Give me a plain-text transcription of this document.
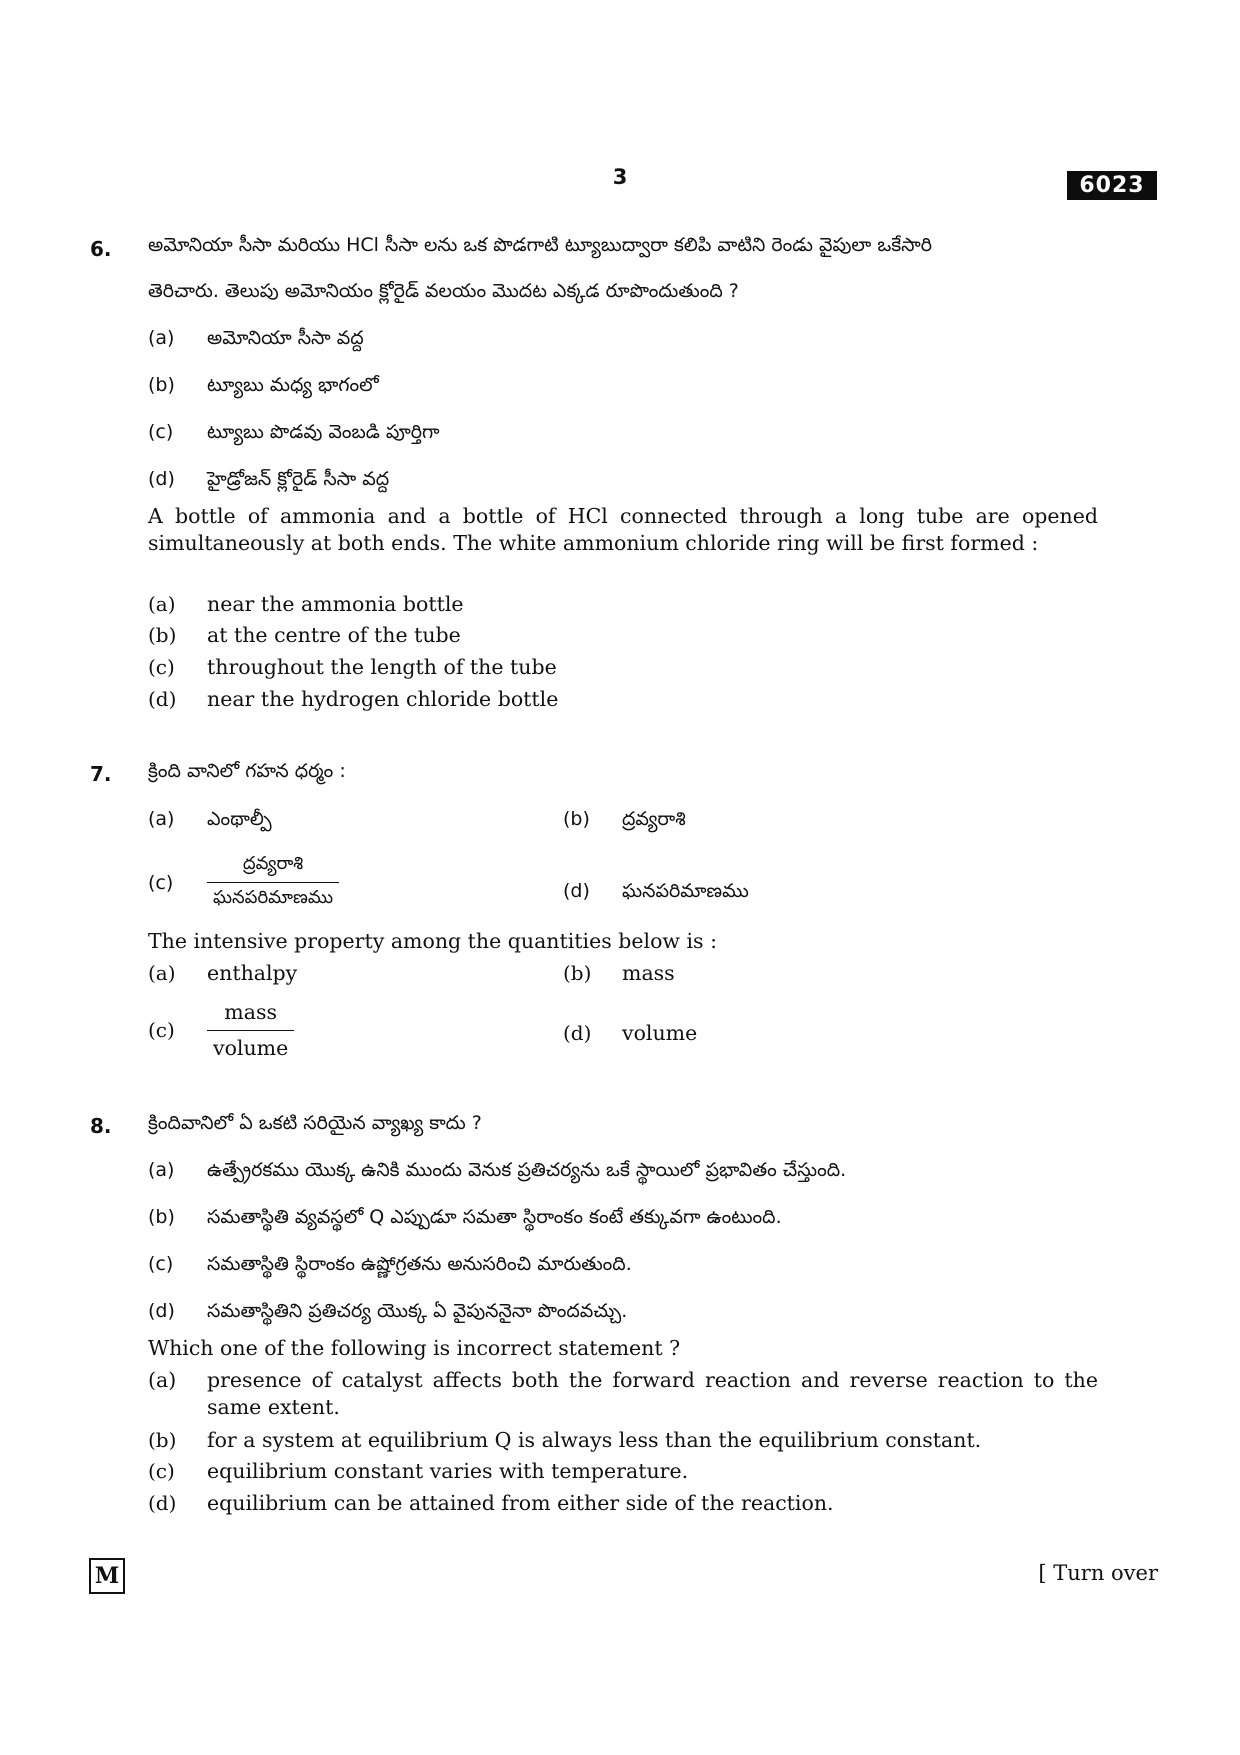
3	6023
6. అమోనియా సీసా మరియు HCl సీసా లను ఒక పొడగాటి ట్యూబుద్వారా కలిపి వాటిని రెండు వైపులా ఒకేసారి
తెరిచారు. తెలుపు అమోనియం క్లోరైడ్ వలయం మొదట ఎక్కడ రూపొందుతుంది ?
(a) అమోనియా సీసా వద్ద
(b) ట్యూబు మధ్య భాగంలో
(c) ట్యూబు పొడవు వెంబడి పూర్తిగా
(d) హైడ్రోజన్ క్లోరైడ్ సీసా వద్ద
A bottle of ammonia and a bottle of HCl connected through a long tube are opened simultaneously at both ends. The white ammonium chloride ring will be first formed :
(a) near the ammonia bottle
(b) at the centre of the tube
(c) throughout the length of the tube
(d) near the hydrogen chloride bottle
7. క్రింది వానిలో గహన ధర్మం :
(a) ఎంథాల్పీ	(b) ద్రవ్యరాశి
$(c) \frac{\text{ద్రవ్యరాశి}}{\text{ఘనపరిమాణము}}$	(d) ఘనపరిమాణము
The intensive property among the quantities below is :
(a) enthalpy	(b) mass
$(c) \frac{\text{mass}}{\text{volume}}$	(d) volume
8. క్రిందివానిలో ఏ ఒకటి సరియైన వ్యాఖ్య కాదు ?
(a) ఉత్ప్రేరకము యొక్క ఉనికి ముందు వెనుక ప్రతిచర్యను ఒకే స్థాయిలో ప్రభావితం చేస్తుంది.
(b) సమతాస్థితి వ్యవస్థలో Q ఎప్పుడూ సమతా స్థిరాంకం కంటే తక్కువగా ఉంటుంది.
(c) సమతాస్థితి స్థిరాంకం ఉష్ణోగ్రతను అనుసరించి మారుతుంది.
(d) సమతాస్థితిని ప్రతిచర్య యొక్క ఏ వైపుననైనా పొందవచ్చు.
Which one of the following is incorrect statement ?
(a) presence of catalyst affects both the forward reaction and reverse reaction to the same extent.
(b) for a system at equilibrium Q is always less than the equilibrium constant.
(c) equilibrium constant varies with temperature.
(d) equilibrium can be attained from either side of the reaction.
M	[ Turn over
